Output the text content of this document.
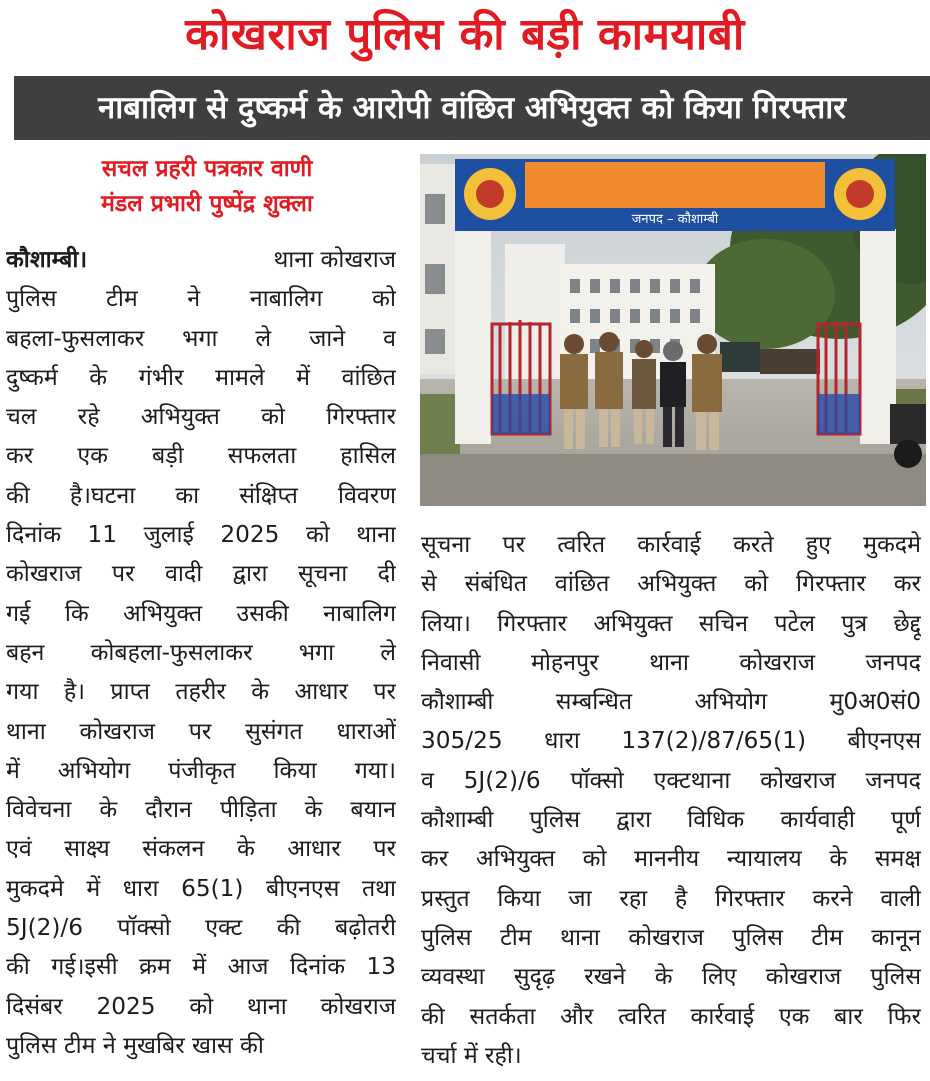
कोखराज पुलिस की बड़ी कामयाबी
नाबालिग से दुष्कर्म के आरोपी वांछित अभियुक्त को किया गिरफ्तार
सचल प्रहरी पत्रकार वाणी
मंडल प्रभारी पुष्पेंद्र शुक्ला
कौशाम्बी।	थाना कोखराज
पुलिस टीम ने नाबालिग को
बहला-फुसलाकर भगा ले जाने व
दुष्कर्म के गंभीर मामले में वांछित
चल रहे अभियुक्त को गिरफ्तार
कर एक बड़ी सफलता हासिल
की है।घटना का संक्षिप्त विवरण
दिनांक 11 जुलाई 2025 को थाना
कोखराज पर वादी द्वारा सूचना दी
गई कि अभियुक्त उसकी नाबालिग
बहन कोबहला-फुसलाकर भगा ले
गया है। प्राप्त तहरीर के आधार पर
थाना कोखराज पर सुसंगत धाराओं
में अभियोग पंजीकृत किया गया।
विवेचना के दौरान पीड़िता के बयान
एवं साक्ष्य संकलन के आधार पर
मुकदमे में धारा 65(1) बीएनएस तथा
5J(2)/6 पॉक्सो एक्ट की बढ़ोतरी
की गई।इसी क्रम में आज दिनांक 13
दिसंबर 2025 को थाना कोखराज
पुलिस टीम ने मुखबिर खास की
सूचना पर त्वरित कार्रवाई करते हुए मुकदमे
से संबंधित वांछित अभियुक्त को गिरफ्तार कर
लिया। गिरफ्तार अभियुक्त सचिन पटेल पुत्र छेद्दू
निवासी मोहनपुर थाना कोखराज जनपद
कौशाम्बी सम्बन्धित अभियोग मु0अ0सं0
305/25 धारा 137(2)/87/65(1) बीएनएस
व 5J(2)/6 पॉक्सो एक्टथाना कोखराज जनपद
कौशाम्बी पुलिस द्वारा विधिक कार्यवाही पूर्ण
कर अभियुक्त को माननीय न्यायालय के समक्ष
प्रस्तुत किया जा रहा है गिरफ्तार करने वाली
पुलिस टीम थाना कोखराज पुलिस टीम कानून
व्यवस्था सुदृढ़ रखने के लिए कोखराज पुलिस
की सतर्कता और त्वरित कार्रवाई एक बार फिर
चर्चा में रही।
जनपद – कौशाम्बी
